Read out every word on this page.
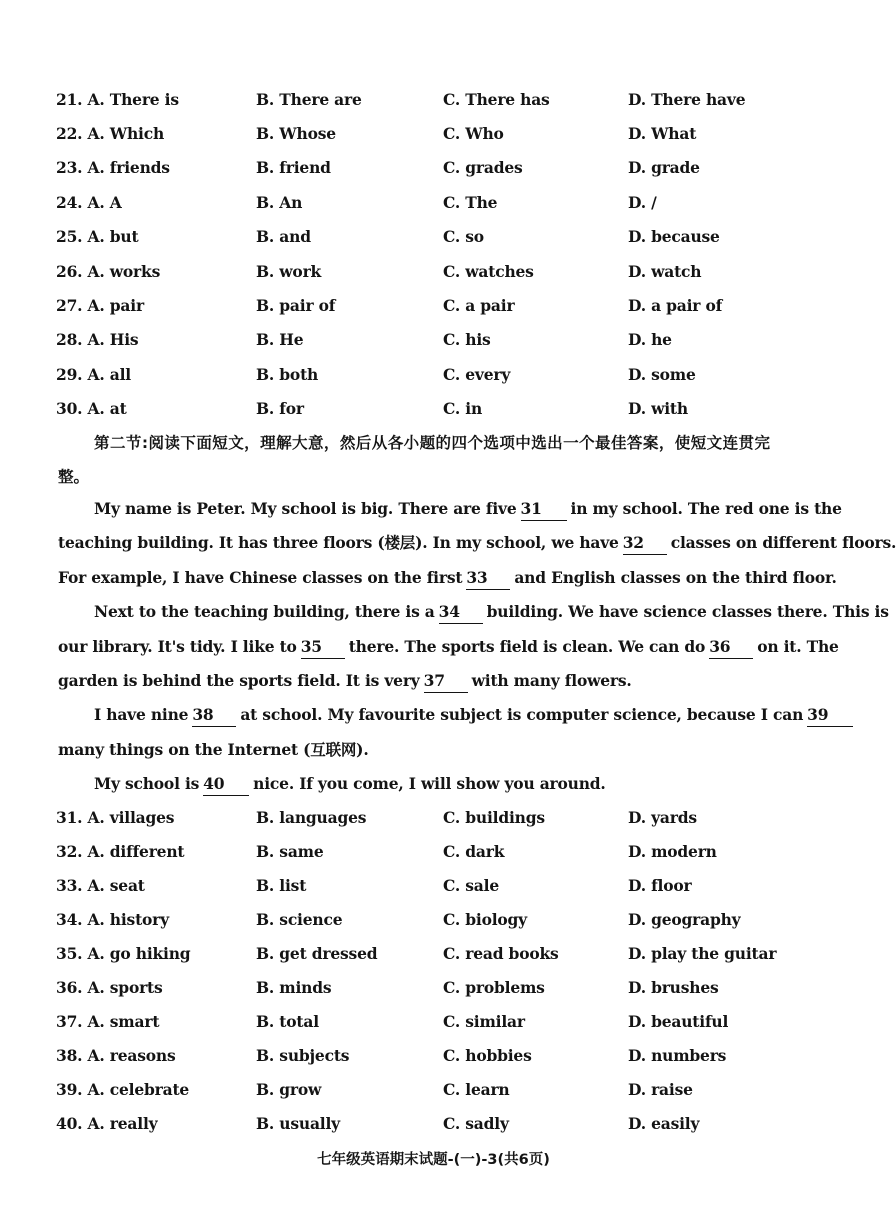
21. A. There is	B. There are	C. There has	D. There have
22. A. Which	B. Whose	C. Who	D. What
23. A. friends	B. friend	C. grades	D. grade
24. A. A	B. An	C. The	D. /
25. A. but	B. and	C. so	D. because
26. A. works	B. work	C. watches	D. watch
27. A. pair	B. pair of	C. a pair	D. a pair of
28. A. His	B. He	C. his	D. he
29. A. all	B. both	C. every	D. some
30. A. at	B. for	C. in	D. with
第二节:阅读下面短文，理解大意，然后从各小题的四个选项中选出一个最佳答案，使短文连贯完整。
My name is Peter. My school is big. There are five 31 in my school. The red one is the
teaching building. It has three floors (楼层). In my school, we have 32 classes on different floors.
For example, I have Chinese classes on the first 33 and English classes on the third floor.
Next to the teaching building, there is a 34 building. We have science classes there. This is
our library. It's tidy. I like to 35 there. The sports field is clean. We can do 36 on it. The
garden is behind the sports field. It is very 37 with many flowers.
I have nine 38 at school. My favourite subject is computer science, because I can 39
many things on the Internet (互联网).
My school is 40 nice. If you come, I will show you around.
31. A. villages	B. languages	C. buildings	D. yards
32. A. different	B. same	C. dark	D. modern
33. A. seat	B. list	C. sale	D. floor
34. A. history	B. science	C. biology	D. geography
35. A. go hiking	B. get dressed	C. read books	D. play the guitar
36. A. sports	B. minds	C. problems	D. brushes
37. A. smart	B. total	C. similar	D. beautiful
38. A. reasons	B. subjects	C. hobbies	D. numbers
39. A. celebrate	B. grow	C. learn	D. raise
40. A. really	B. usually	C. sadly	D. easily
七年级英语期末试题-(一)-3(共6页)
